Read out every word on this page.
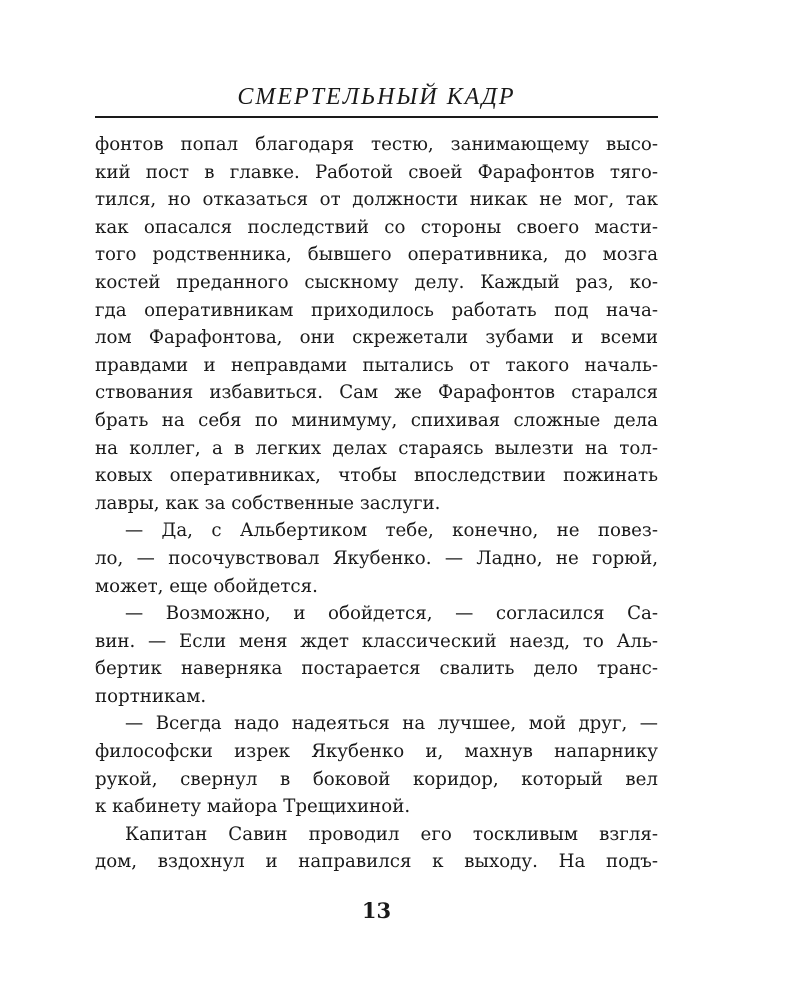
СМЕРТЕЛЬНЫЙ КАДР
фонтов попал благодаря тестю, занимающему высо-
кий пост в главке. Работой своей Фарафонтов тяго-
тился, но отказаться от должности никак не мог, так
как опасался последствий со стороны своего масти-
того родственника, бывшего оперативника, до мозга
костей преданного сыскному делу. Каждый раз, ко-
гда оперативникам приходилось работать под нача-
лом Фарафонтова, они скрежетали зубами и всеми
правдами и неправдами пытались от такого началь-
ствования избавиться. Сам же Фарафонтов старался
брать на себя по минимуму, спихивая сложные дела
на коллег, а в легких делах стараясь вылезти на тол-
ковых оперативниках, чтобы впоследствии пожинать
лавры, как за собственные заслуги.
— Да, с Альбертиком тебе, конечно, не повез-
ло, — посочувствовал Якубенко. — Ладно, не горюй,
может, еще обойдется.
— Возможно, и обойдется, — согласился Са-
вин. — Если меня ждет классический наезд, то Аль-
бертик наверняка постарается свалить дело транс-
портникам.
— Всегда надо надеяться на лучшее, мой друг, —
философски изрек Якубенко и, махнув напарнику
рукой, свернул в боковой коридор, который вел
к кабинету майора Трещихиной.
Капитан Савин проводил его тоскливым взгля-
дом, вздохнул и направился к выходу. На подъ-
13
